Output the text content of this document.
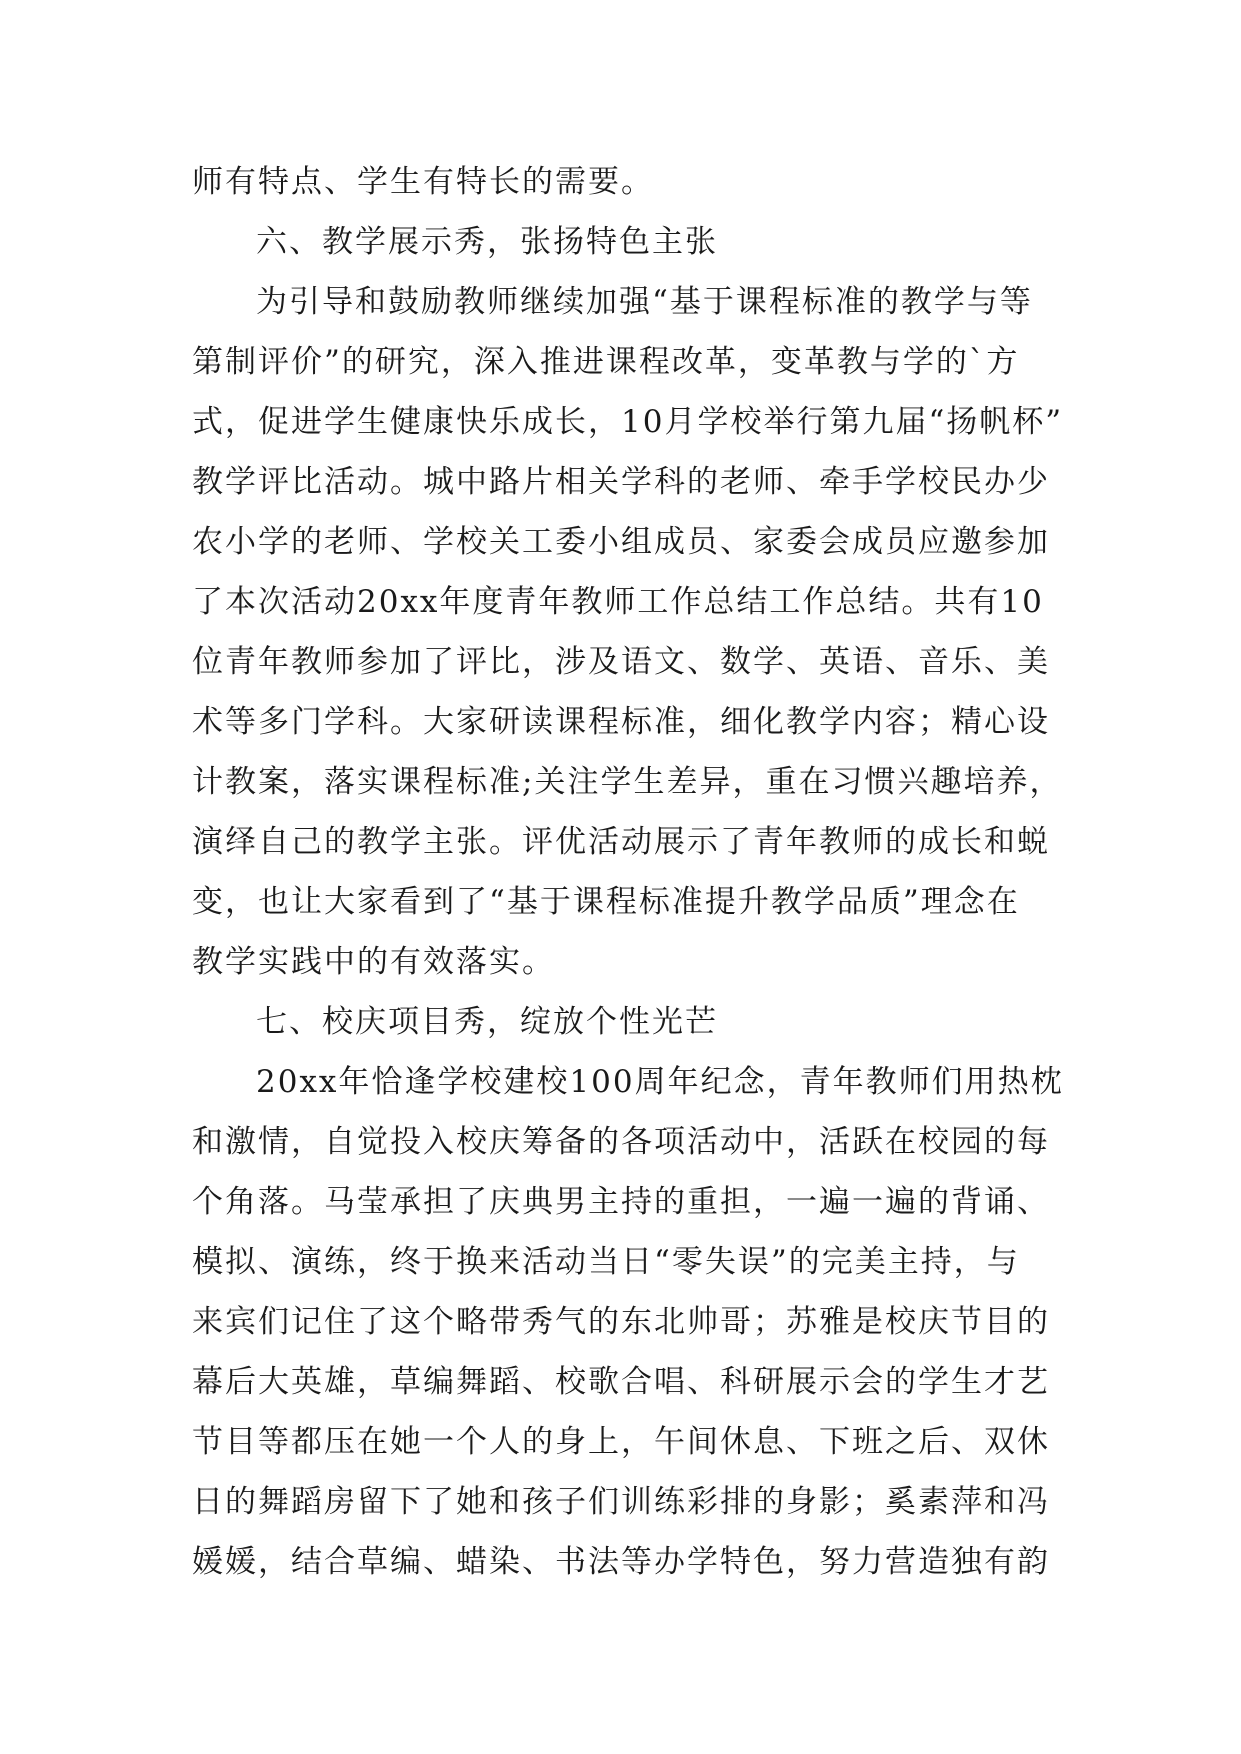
师有特点、学生有特长的需要。
六、教学展示秀，张扬特色主张
为引导和鼓励教师继续加强“基于课程标准的教学与等
第制评价”的研究，深入推进课程改革，变革教与学的`方
式，促进学生健康快乐成长，10月学校举行第九届“扬帆杯”
教学评比活动。城中路片相关学科的老师、牵手学校民办少
农小学的老师、学校关工委小组成员、家委会成员应邀参加
了本次活动20xx年度青年教师工作总结工作总结。共有10
位青年教师参加了评比，涉及语文、数学、英语、音乐、美
术等多门学科。大家研读课程标准，细化教学内容；精心设
计教案，落实课程标准;关注学生差异，重在习惯兴趣培养，
演绎自己的教学主张。评优活动展示了青年教师的成长和蜕
变，也让大家看到了“基于课程标准提升教学品质”理念在
教学实践中的有效落实。
七、校庆项目秀，绽放个性光芒
20xx年恰逢学校建校100周年纪念，青年教师们用热枕
和激情，自觉投入校庆筹备的各项活动中，活跃在校园的每
个角落。马莹承担了庆典男主持的重担，一遍一遍的背诵、
模拟、演练，终于换来活动当日“零失误”的完美主持，与
来宾们记住了这个略带秀气的东北帅哥；苏雅是校庆节目的
幕后大英雄，草编舞蹈、校歌合唱、科研展示会的学生才艺
节目等都压在她一个人的身上，午间休息、下班之后、双休
日的舞蹈房留下了她和孩子们训练彩排的身影；奚素萍和冯
媛媛，结合草编、蜡染、书法等办学特色，努力营造独有韵
